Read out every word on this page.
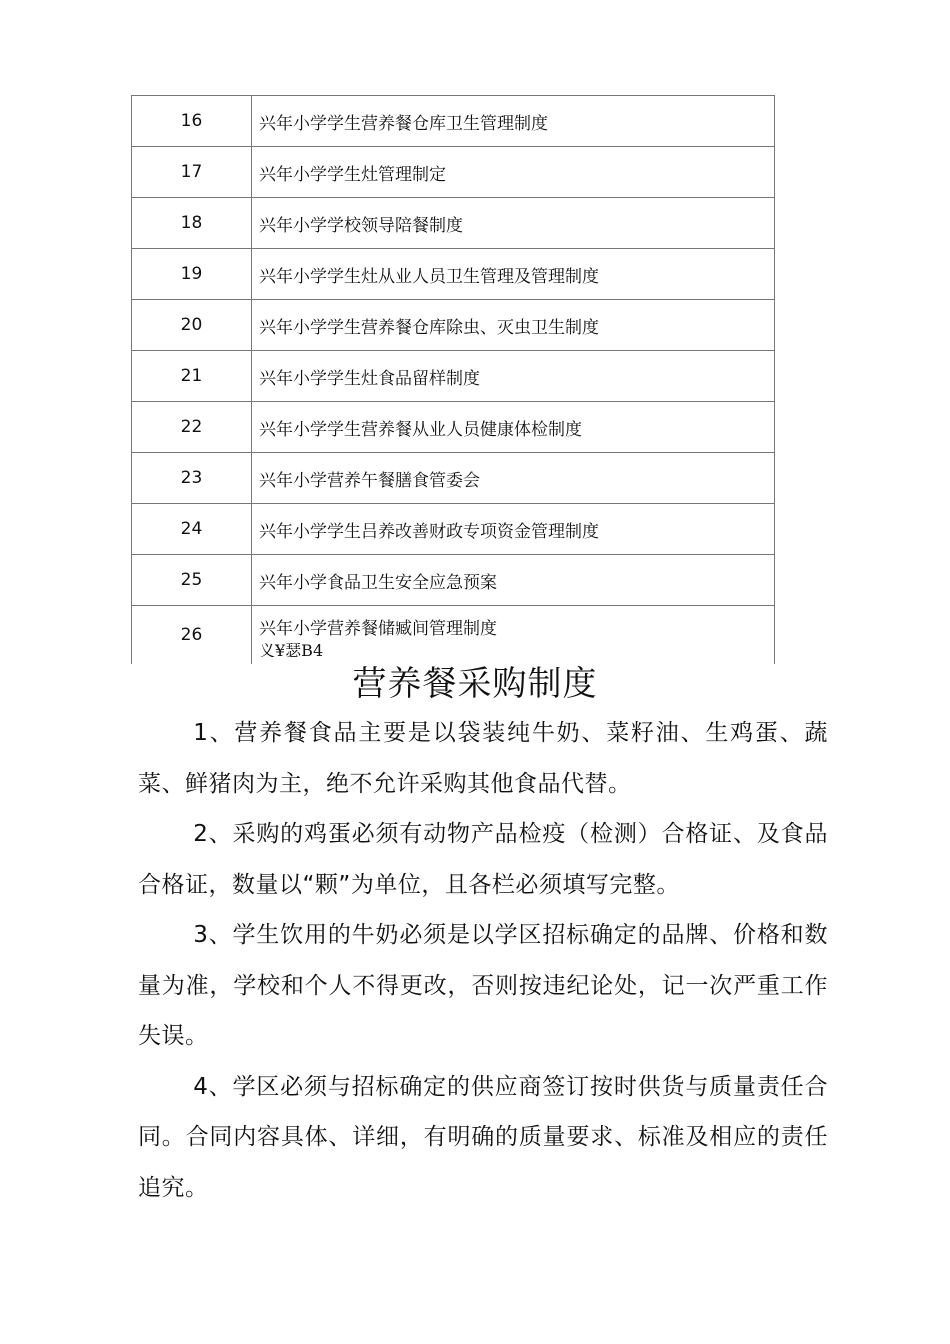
16	兴年小学学生营养餐仓库卫生管理制度
17	兴年小学学生灶管理制定
18	兴年小学学校领导陪餐制度
19	兴年小学学生灶从业人员卫生管理及管理制度
20	兴年小学学生营养餐仓库除虫、灭虫卫生制度
21	兴年小学学生灶食品留样制度
22	兴年小学学生营养餐从业人员健康体检制度
23	兴年小学营养午餐膳食管委会
24	兴年小学学生吕养改善财政专项资金管理制度
25	兴年小学食品卫生安全应急预案
26	兴年小学营养餐储臧间管理制度
义¥瑟B4
营养餐采购制度

1、营养餐食品主要是以袋装纯牛奶、菜籽油、生鸡蛋、蔬菜、鲜猪肉为主，绝不允许采购其他食品代替。

2、采购的鸡蛋必须有动物产品检疫（检测）合格证、及食品合格证，数量以“颗”为单位，且各栏必须填写完整。

3、学生饮用的牛奶必须是以学区招标确定的品牌、价格和数量为准，学校和个人不得更改，否则按违纪论处，记一次严重工作失误。

4、学区必须与招标确定的供应商签订按时供货与质量责任合同。合同内容具体、详细，有明确的质量要求、标准及相应的责任追究。
